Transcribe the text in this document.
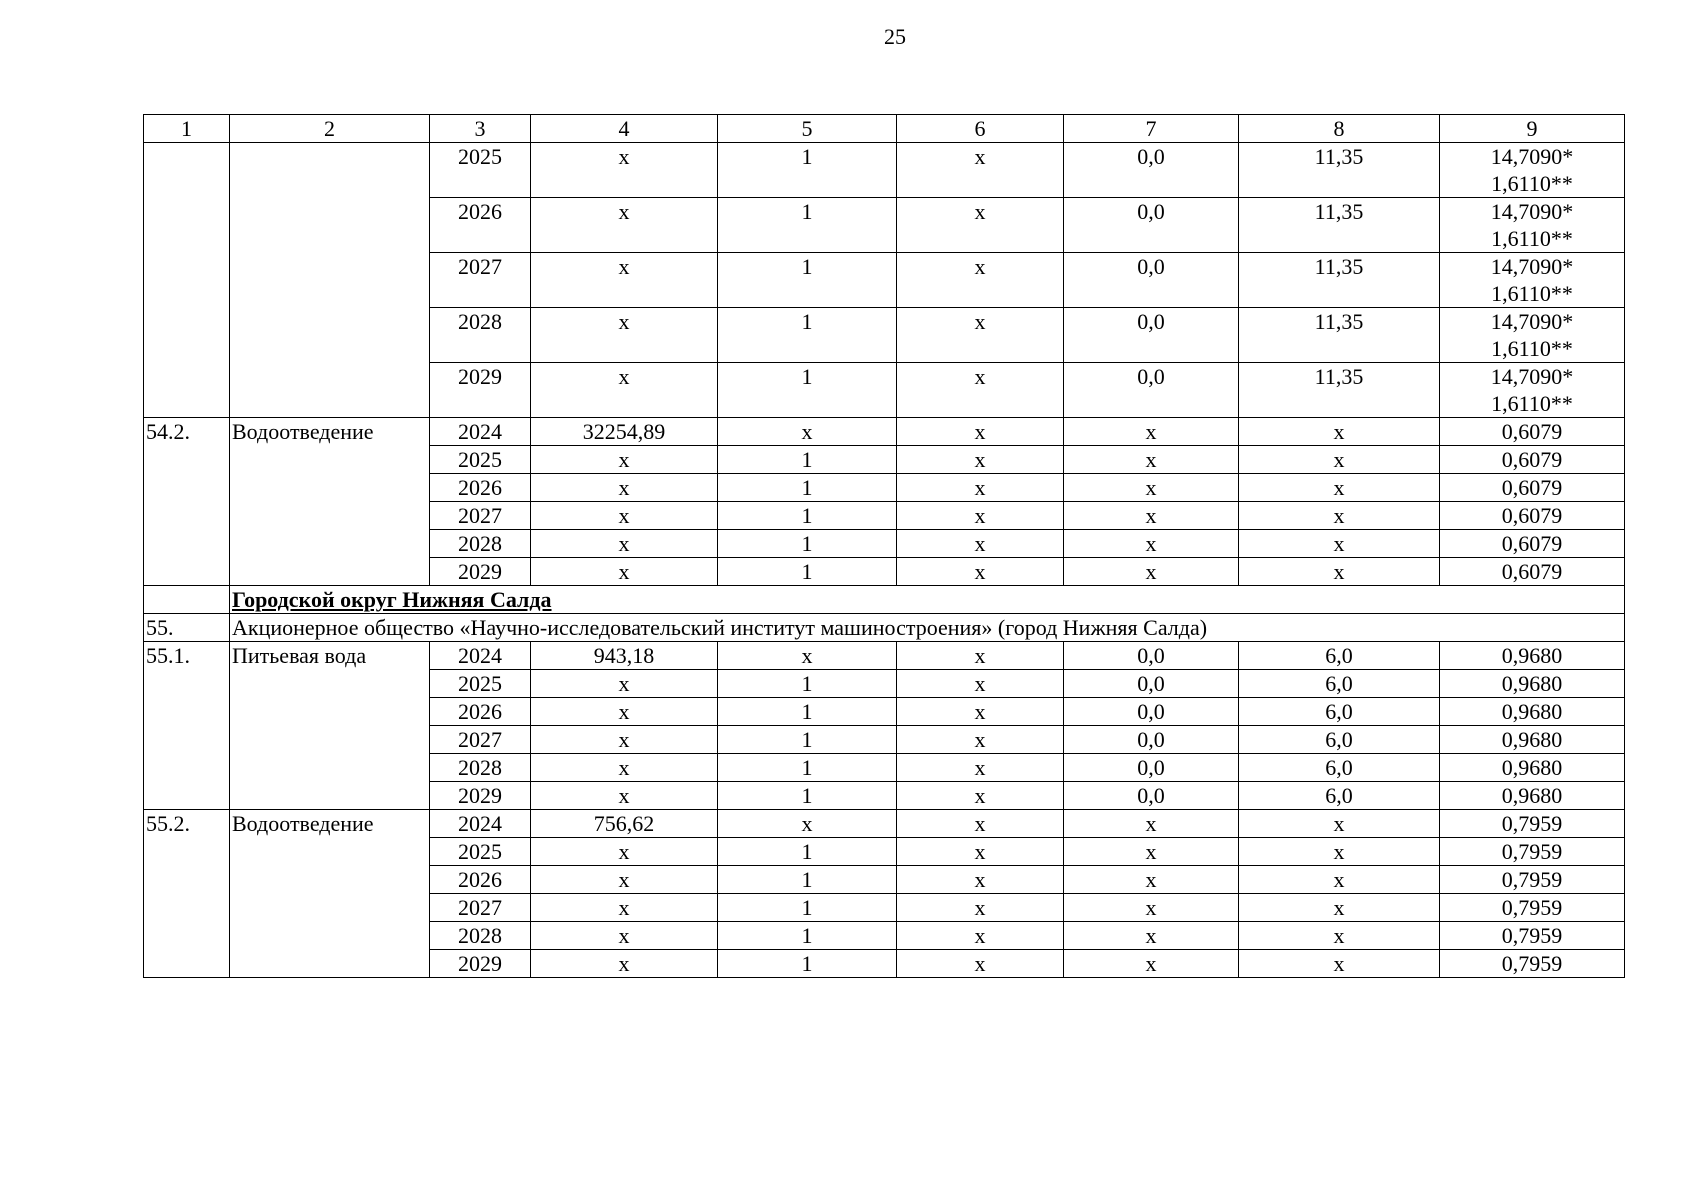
25
1	2	3	4	5	6	7	8	9
		2025	х	1	х	0,0	11,35	14,7090*
1,6110**

		2026	х	1	х	0,0	11,35	14,7090*
1,6110**

		2027	х	1	х	0,0	11,35	14,7090*
1,6110**

		2028	х	1	х	0,0	11,35	14,7090*
1,6110**

		2029	х	1	х	0,0	11,35	14,7090*
1,6110**

54.2.	Водоотведение	2024	32254,89	х	х	х	х	0,6079
		2025	х	1	х	х	х	0,6079
		2026	х	1	х	х	х	0,6079
		2027	х	1	х	х	х	0,6079
		2028	х	1	х	х	х	0,6079
		2029	х	1	х	х	х	0,6079
	Городской округ Нижняя Салда							
55.	Акционерное общество «Научно-исследовательский институт машиностроения» (город Нижняя Салда)							
55.1.	Питьевая вода	2024	943,18	х	х	0,0	6,0	0,9680
		2025	х	1	х	0,0	6,0	0,9680
		2026	х	1	х	0,0	6,0	0,9680
		2027	х	1	х	0,0	6,0	0,9680
		2028	х	1	х	0,0	6,0	0,9680
		2029	х	1	х	0,0	6,0	0,9680
55.2.	Водоотведение	2024	756,62	х	х	х	х	0,7959
		2025	х	1	х	х	х	0,7959
		2026	х	1	х	х	х	0,7959
		2027	х	1	х	х	х	0,7959
		2028	х	1	х	х	х	0,7959
		2029	х	1	х	х	х	0,7959
